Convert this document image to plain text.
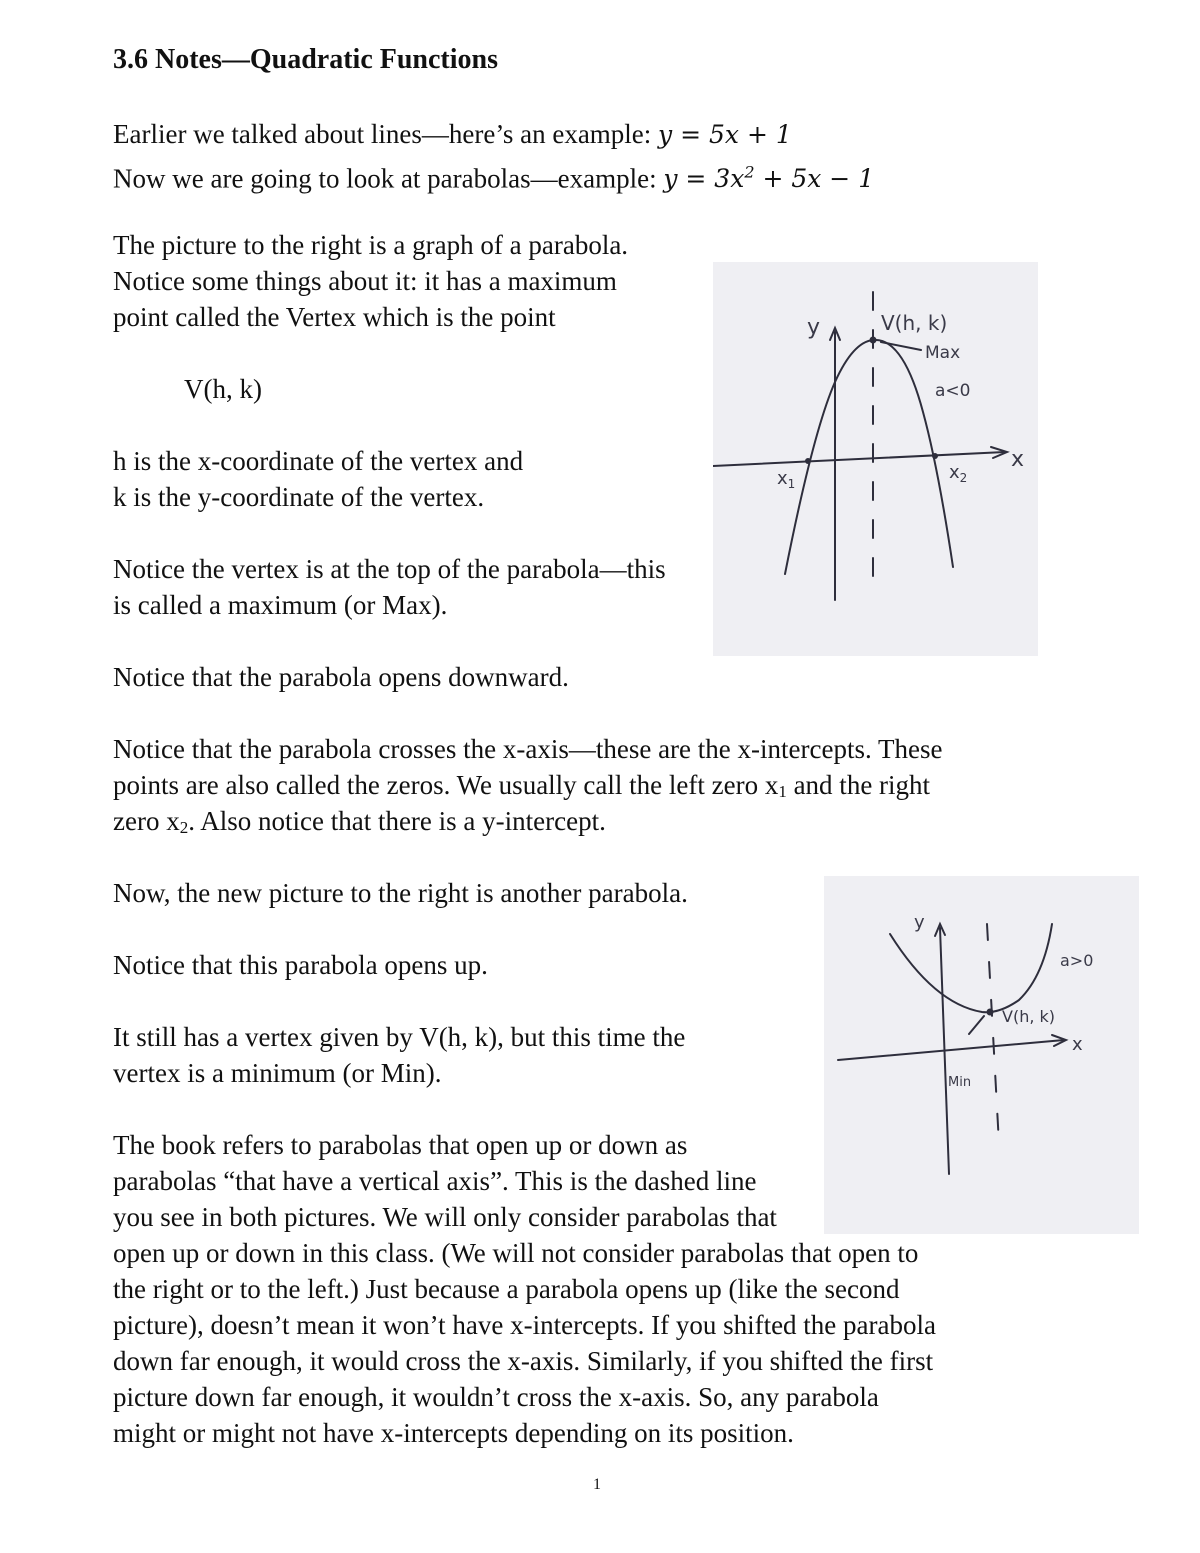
3.6 Notes—Quadratic Functions
Earlier we talked about lines—here’s an example: y = 5x + 1
Now we are going to look at parabolas—example: $y = 3x^2 + 5x - 1$
The picture to the right is a graph of a parabola.
Notice some things about it: it has a maximum
point called the Vertex which is the point
V(h, k)
h is the x-coordinate of the vertex and
k is the y-coordinate of the vertex.
Notice the vertex is at the top of the parabola—this
is called a maximum (or Max).
Notice that the parabola opens downward.
Notice that the parabola crosses the x-axis—these are the x-intercepts. These
points are also called the zeros. We usually call the left zero $x_1$ and the right
zero $x_2$. Also notice that there is a y-intercept.
Now, the new picture to the right is another parabola.
Notice that this parabola opens up.
It still has a vertex given by V(h, k), but this time the
vertex is a minimum (or Min).
y
x
V(h, k)
Max
a<0
$x_1$
$x_2$
y
x
V(h, k)
Min
a>0
The book refers to parabolas that open up or down as
parabolas “that have a vertical axis”. This is the dashed line
you see in both pictures. We will only consider parabolas that
open up or down in this class. (We will not consider parabolas that open to
the right or to the left.) Just because a parabola opens up (like the second
picture), doesn’t mean it won’t have x-intercepts. If you shifted the parabola
down far enough, it would cross the x-axis. Similarly, if you shifted the first
picture down far enough, it wouldn’t cross the x-axis. So, any parabola
might or might not have x-intercepts depending on its position.
1
